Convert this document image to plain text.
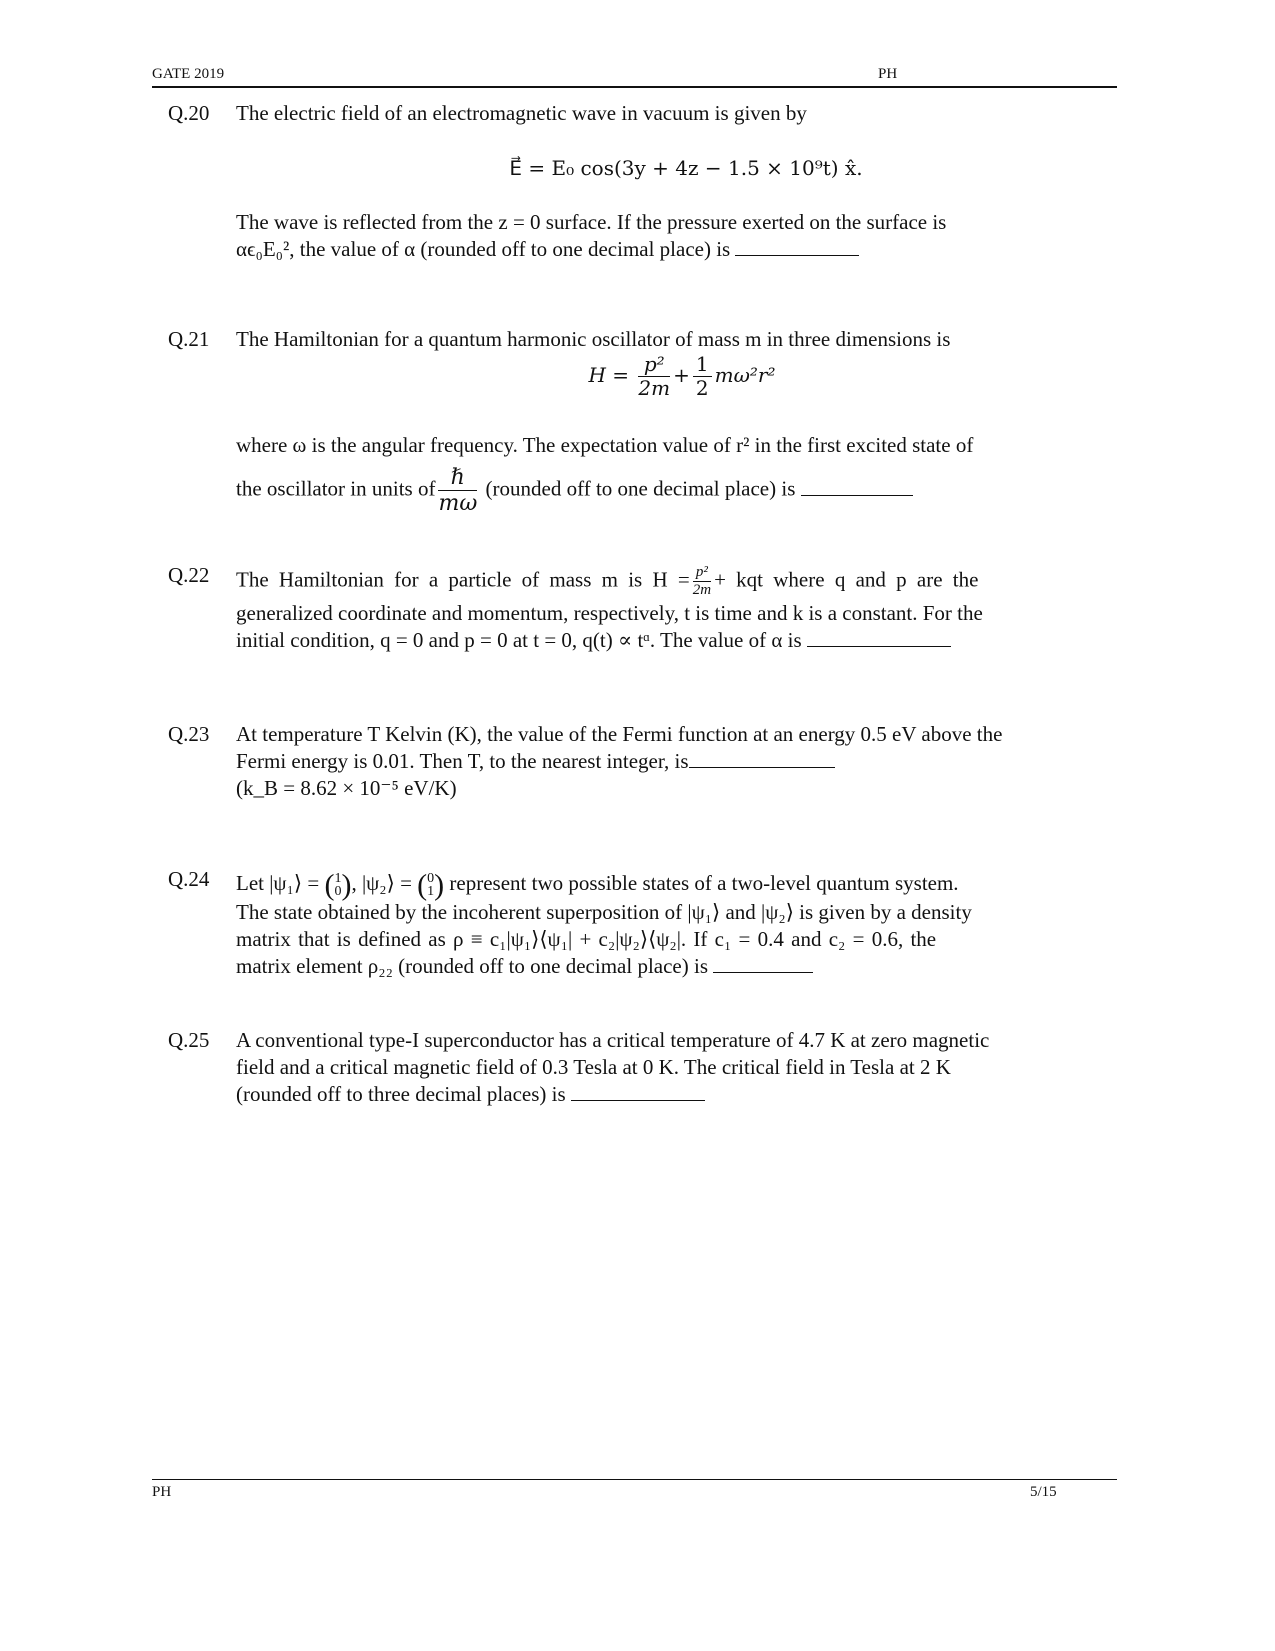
GATE 2019	PH
Q.20 The electric field of an electromagnetic wave in vacuum is given by

E⃗ = E₀ cos(3y + 4z − 1.5 × 10⁹t) x̂.

The wave is reflected from the z = 0 surface. If the pressure exerted on the surface is

αϵ₀E₀², the value of α (rounded off to one decimal place) is

Q.21 The Hamiltonian for a quantum harmonic oscillator of mass m in three dimensions is

$H = \frac{\text{p²}}{2m} + \frac{1}{2} m\omega^2r^2$

where ω is the angular frequency. The expectation value of r² in the first excited state of

the oscillator in units of $\frac{\text{ℏ}}{m\omega}$ (rounded off to one decimal place) is

Q.22 The Hamiltonian for a particle of mass m is $H = \frac{\text{p²}}{2m}$ + kqt where q and p are the

generalized coordinate and momentum, respectively, t is time and k is a constant. For the

initial condition, q = 0 and p = 0 at t = 0, q(t) ∝ tᵅ. The value of α is

Q.23 At temperature T Kelvin (K), the value of the Fermi function at an energy 0.5 eV above the

Fermi energy is 0.01. Then T, to the nearest integer, is

(k_B = 8.62 × 10⁻⁵ eV/K)

Q.24 Let |ψ₁⟩ = ( 1
0 ), |ψ₂⟩ = ( 0
1 ) represent two possible states of a two-level quantum system.

The state obtained by the incoherent superposition of |ψ₁⟩ and |ψ₂⟩ is given by a density

matrix that is defined as ρ ≡ c₁|ψ₁⟩⟨ψ₁| + c₂|ψ₂⟩⟨ψ₂|. If c₁ = 0.4 and c₂ = 0.6, the

matrix element ρ₂₂ (rounded off to one decimal place) is

Q.25 A conventional type-I superconductor has a critical temperature of 4.7 K at zero magnetic

field and a critical magnetic field of 0.3 Tesla at 0 K. The critical field in Tesla at 2 K

(rounded off to three decimal places) is

PH	5/15
